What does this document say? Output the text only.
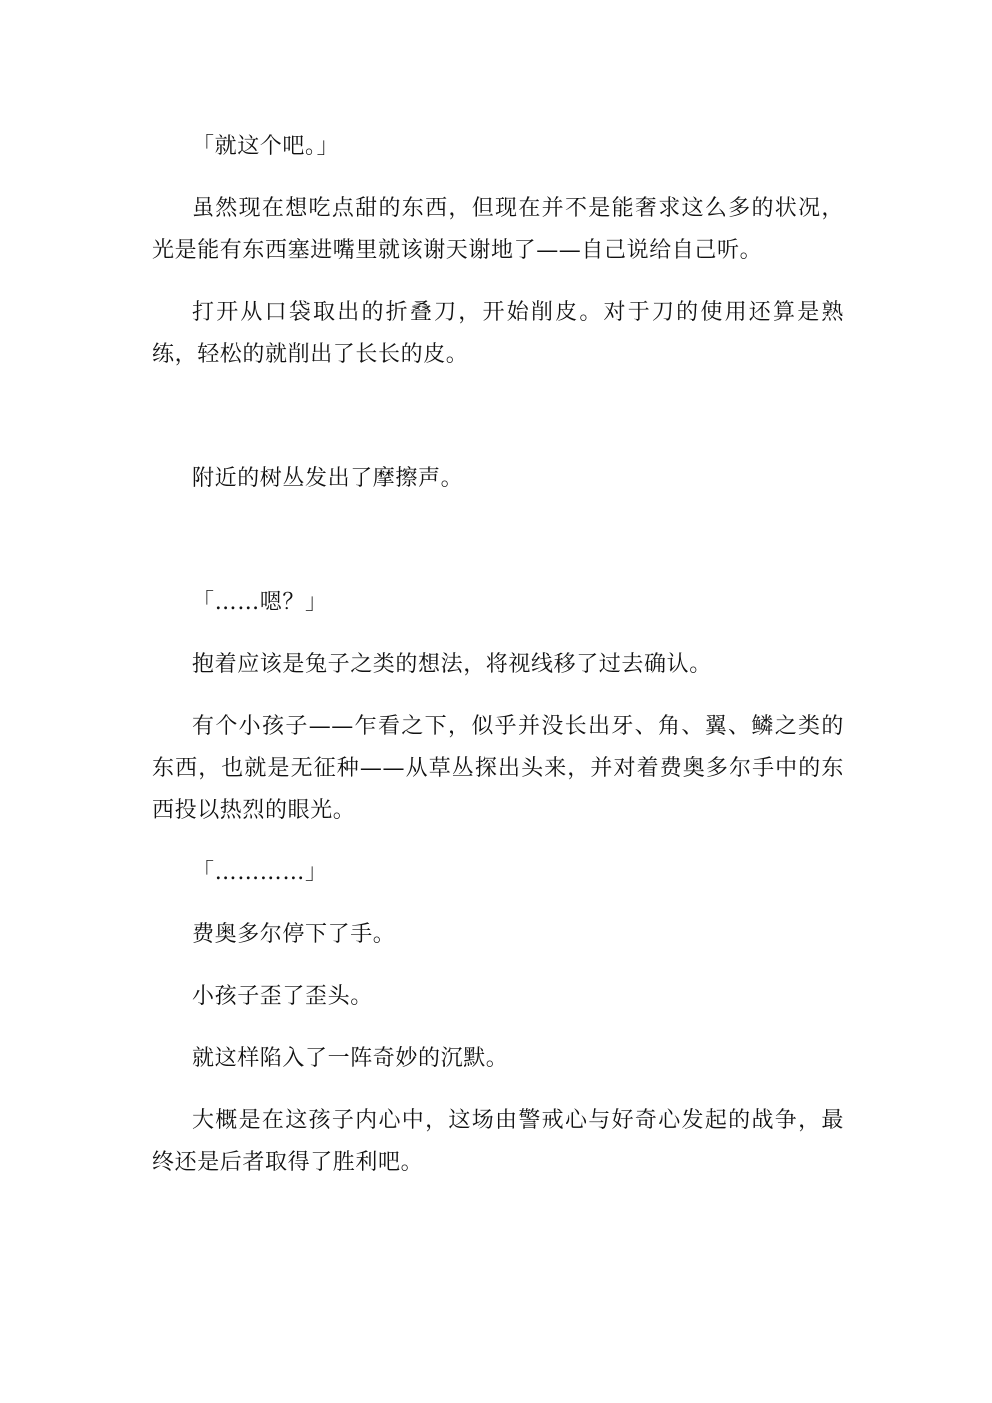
「就这个吧。」

虽然现在想吃点甜的东西，但现在并不是能奢求这么多的状况，光是能有东西塞进嘴里就该谢天谢地了——自己说给自己听。

打开从口袋取出的折叠刀，开始削皮。对于刀的使用还算是熟练，轻松的就削出了长长的皮。

附近的树丛发出了摩擦声。

「……嗯？」

抱着应该是兔子之类的想法，将视线移了过去确认。

有个小孩子——乍看之下，似乎并没长出牙、角、翼、鳞之类的东西，也就是无征种——从草丛探出头来，并对着费奥多尔手中的东西投以热烈的眼光。

「…………」

费奥多尔停下了手。

小孩子歪了歪头。

就这样陷入了一阵奇妙的沉默。

大概是在这孩子内心中，这场由警戒心与好奇心发起的战争，最终还是后者取得了胜利吧。
